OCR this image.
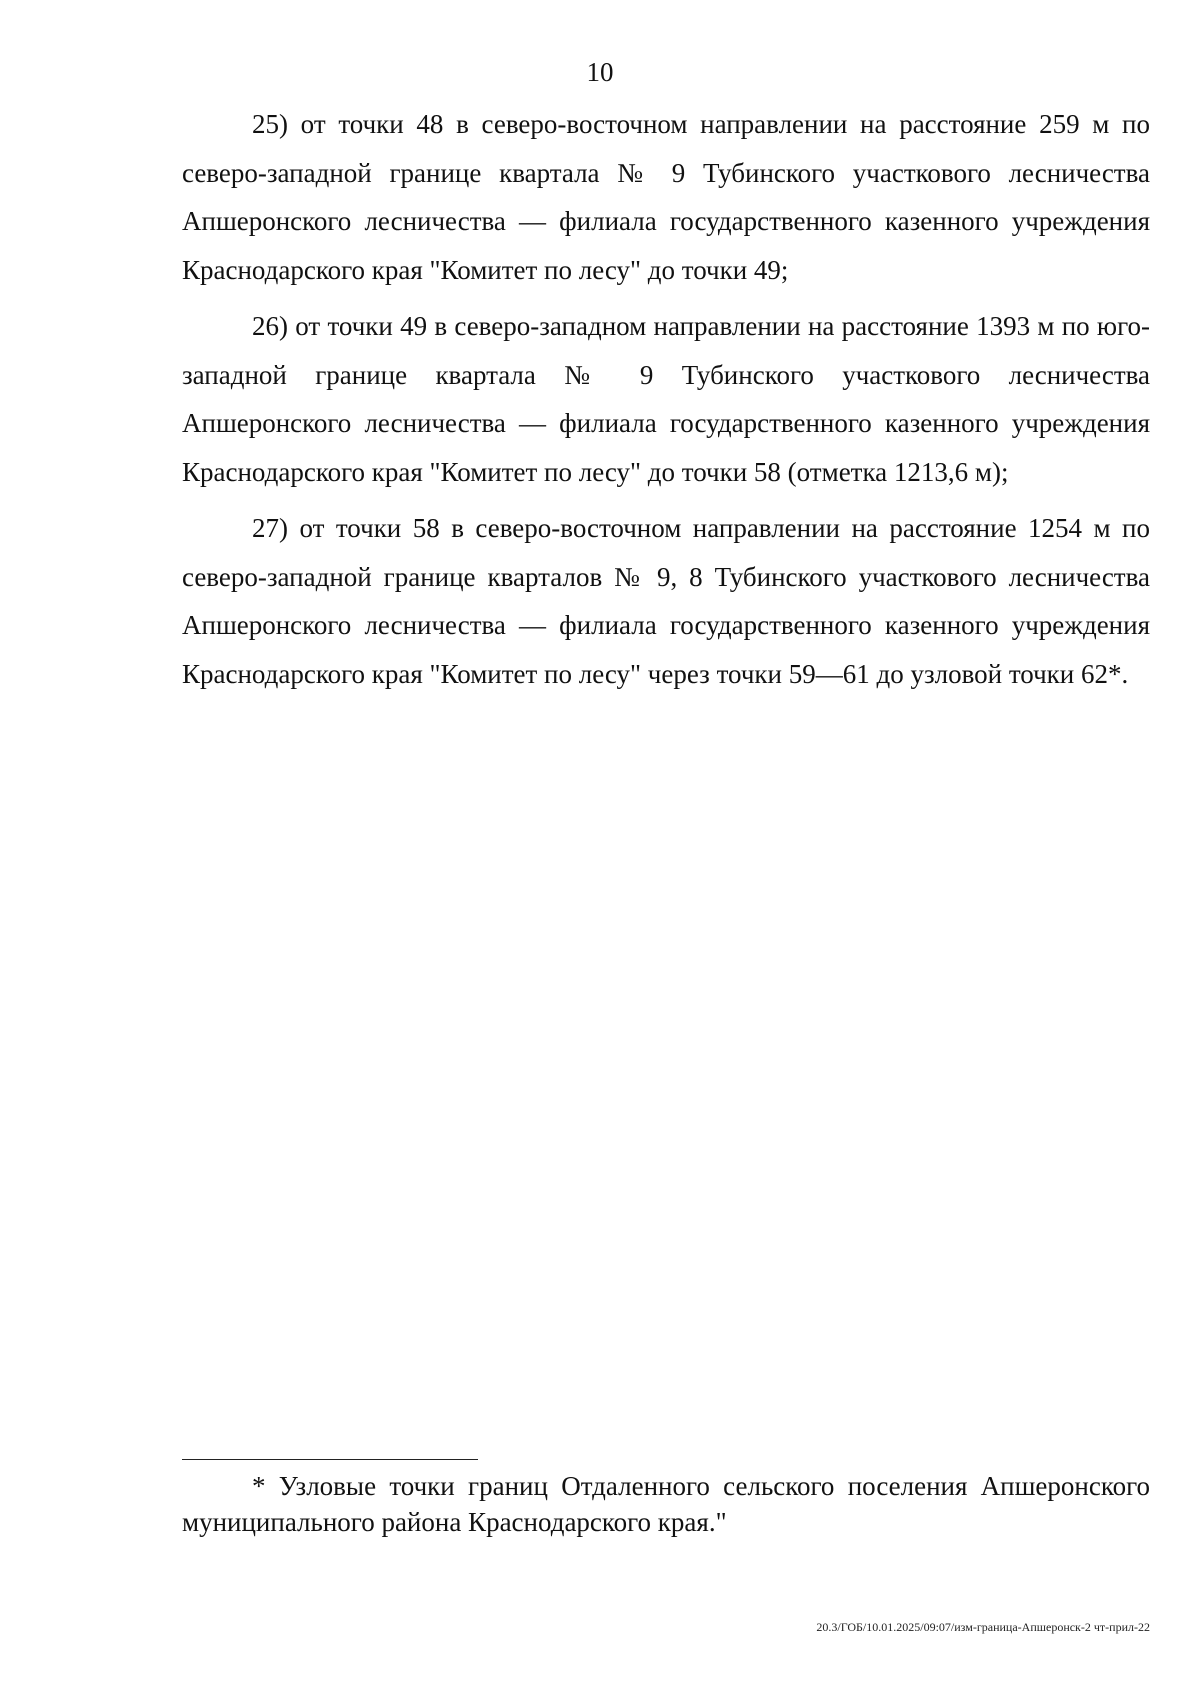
10

25) от точки 48 в северо-восточном направлении на расстояние 259 м по северо-западной границе квартала № 9 Тубинского участкового лесничества Апшеронского лесничества — филиала государственного казенного учреждения Краснодарского края "Комитет по лесу" до точки 49;

26) от точки 49 в северо-западном направлении на расстояние 1393 м по юго-западной границе квартала № 9 Тубинского участкового лесничества Апшеронского лесничества — филиала государственного казенного учреждения Краснодарского края "Комитет по лесу" до точки 58 (отметка 1213,6 м);

27) от точки 58 в северо-восточном направлении на расстояние 1254 м по северо-западной границе кварталов № 9, 8 Тубинского участкового лесничества Апшеронского лесничества — филиала государственного казенного учреждения Краснодарского края "Комитет по лесу" через точки 59—61 до узловой точки 62*.

* Узловые точки границ Отдаленного сельского поселения Апшеронского муниципального района Краснодарского края."

20.3/ГОБ/10.01.2025/09:07/изм-граница-Апшеронск-2 чт-прил-22
